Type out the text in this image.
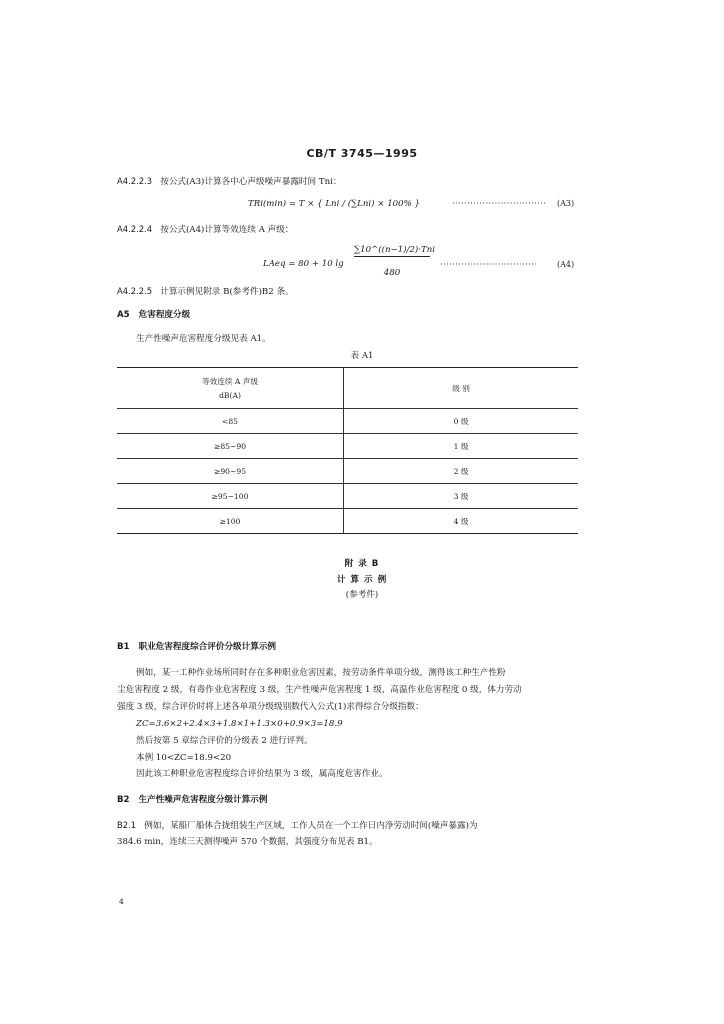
CB/T 3745—1995
A4.2.2.3 按公式(A3)计算各中心声级噪声暴露时间 Tni：
TRi(min) = T × { Lni / (∑Lni) × 100% }	······························· (A3)
A4.2.2.4 按公式(A4)计算等效连续 A 声级：
LAeq = 80 + 10 lg
∑10^((n−1)/2)·Tni
480
································ (A4)
A4.2.2.5 计算示例见附录 B(参考件)B2 条。
A5 危害程度分级
生产性噪声危害程度分级见表 A1。
表 A1
等效连续 A 声级
dB(A)	级 别
<85	0 级
≥85~90	1 级
≥90~95	2 级
≥95~100	3 级
≥100	4 级
附 录 B
计 算 示 例
(参考件)
B1 职业危害程度综合评价分级计算示例
例如，某一工种作业场所同时存在多种职业危害因素，按劳动条件单项分级，测得该工种生产性粉
尘危害程度 2 级，有毒作业危害程度 3 级，生产性噪声危害程度 1 级，高温作业危害程度 0 级，体力劳动
强度 3 级，综合评价时将上述各单项分级级别数代入公式(1)求得综合分级指数：
ZC=3.6×2+2.4×3+1.8×1+1.3×0+0.9×3=18.9
然后按第 5 章综合评价的分级表 2 进行评判。
本例 10<ZC=18.9<20
因此该工种职业危害程度综合评价结果为 3 级，属高度危害作业。
B2 生产性噪声危害程度分级计算示例
B2.1 例如，某船厂船体合拢组装生产区域，工作人员在一个工作日内净劳动时间(噪声暴露)为
384.6 min，连续三天测得噪声 570 个数据，其强度分布见表 B1。
4
